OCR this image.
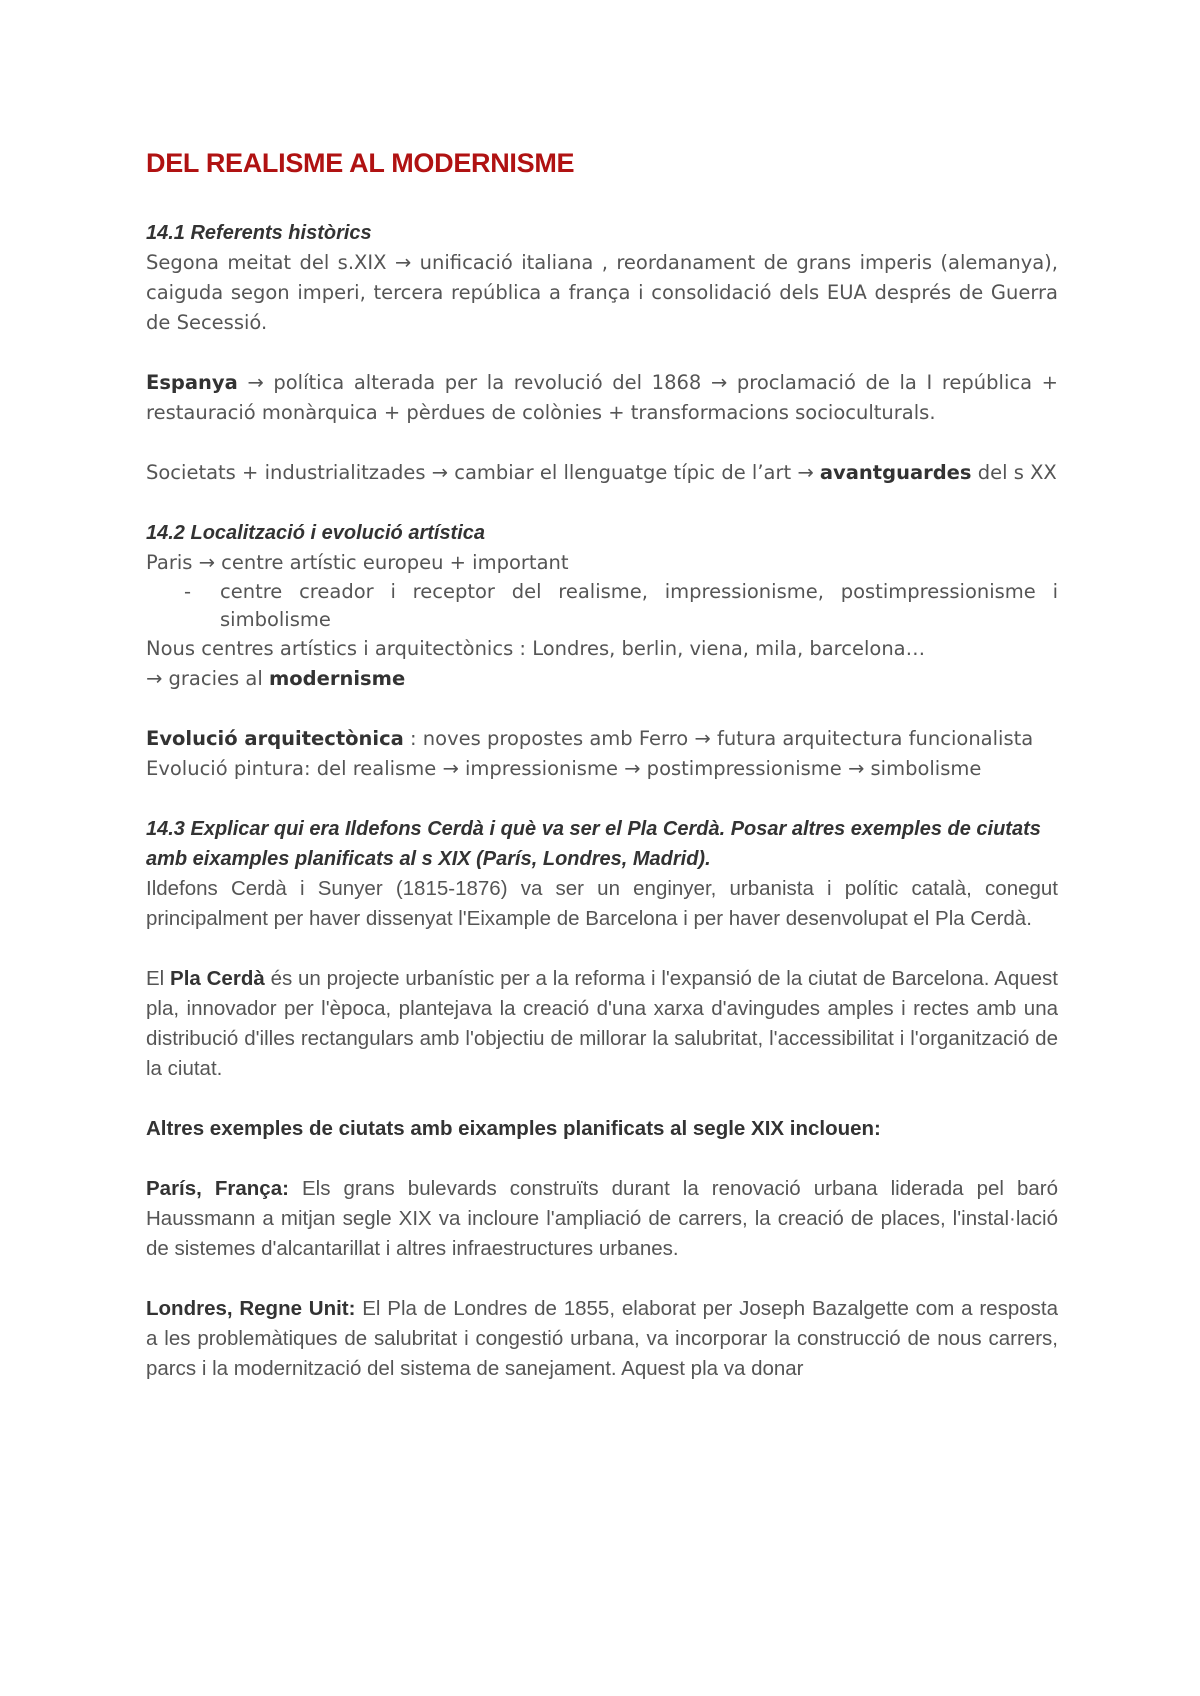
DEL REALISME AL MODERNISME
14.1 Referents històrics

Segona meitat del s.XIX → unificació italiana , reordanament de grans imperis (alemanya), caiguda segon imperi, tercera república a frança i consolidació dels EUA després de Guerra de Secessió.

Espanya → política alterada per la revolució del 1868 → proclamació de la I república + restauració monàrquica + pèrdues de colònies + transformacions socioculturals.

Societats + industrialitzades → cambiar el llenguatge típic de l’art → avantguardes del s XX

14.2 Localització i evolució artística

Paris → centre artístic europeu + important

-	centre creador i receptor del realisme, impressionisme, postimpressionisme i simbolisme

Nous centres artístics i arquitectònics : Londres, berlin, viena, mila, barcelona…

→ gracies al modernisme

Evolució arquitectònica : noves propostes amb Ferro → futura arquitectura funcionalista

Evolució pintura: del realisme → impressionisme → postimpressionisme → simbolisme

14.3 Explicar qui era Ildefons Cerdà i què va ser el Pla Cerdà. Posar altres exemples de ciutats amb eixamples planificats al s XIX (París, Londres, Madrid).

Ildefons Cerdà i Sunyer (1815-1876) va ser un enginyer, urbanista i polític català, conegut principalment per haver dissenyat l'Eixample de Barcelona i per haver desenvolupat el Pla Cerdà.

El Pla Cerdà és un projecte urbanístic per a la reforma i l'expansió de la ciutat de Barcelona. Aquest pla, innovador per l'època, plantejava la creació d'una xarxa d'avingudes amples i rectes amb una distribució d'illes rectangulars amb l'objectiu de millorar la salubritat, l'accessibilitat i l'organització de la ciutat.

Altres exemples de ciutats amb eixamples planificats al segle XIX inclouen:

París, França: Els grans bulevards construïts durant la renovació urbana liderada pel baró Haussmann a mitjan segle XIX va incloure l'ampliació de carrers, la creació de places, l'instal·lació de sistemes d'alcantarillat i altres infraestructures urbanes.

Londres, Regne Unit: El Pla de Londres de 1855, elaborat per Joseph Bazalgette com a resposta a les problemàtiques de salubritat i congestió urbana, va incorporar la construcció de nous carrers, parcs i la modernització del sistema de sanejament. Aquest pla va donar
